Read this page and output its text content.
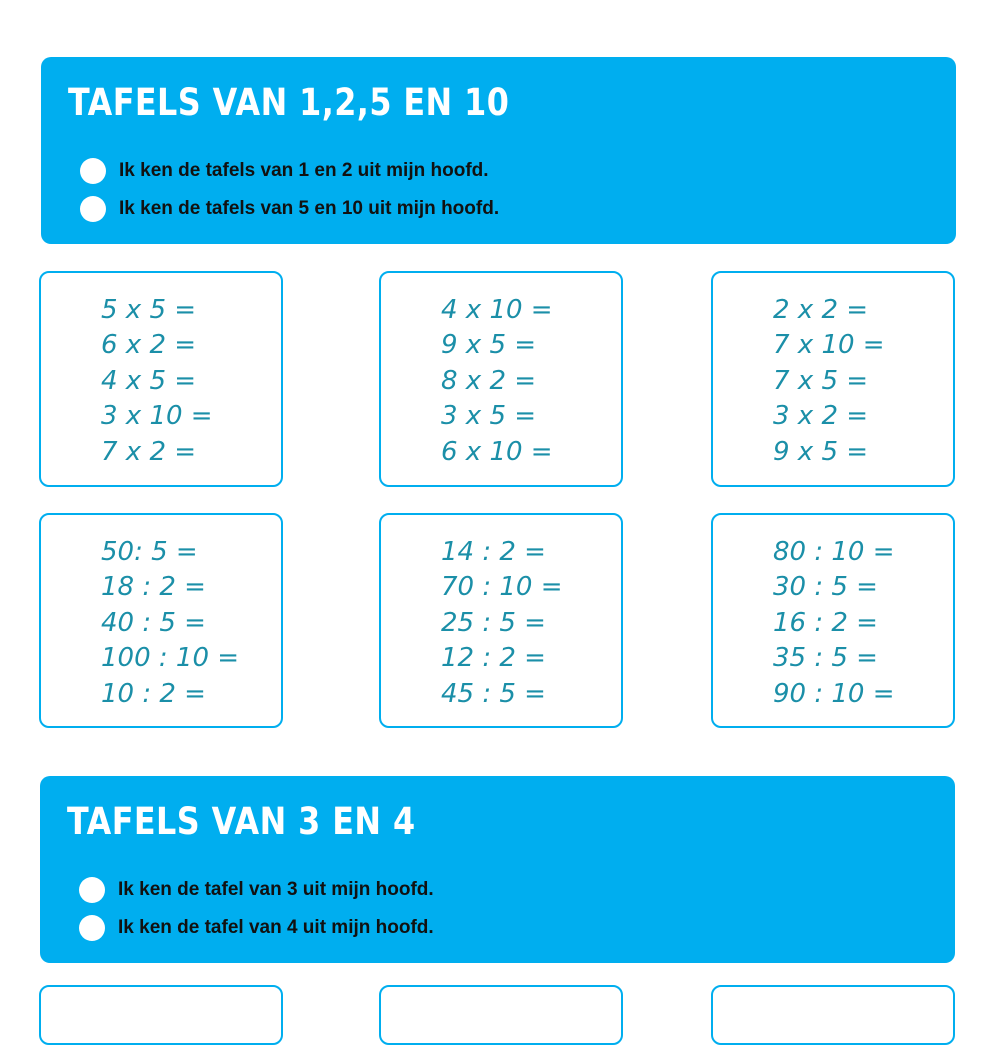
TAFELS VAN 1,2,5 EN 10
Ik ken de tafels van 1 en 2 uit mijn hoofd.
Ik ken de tafels van 5 en 10 uit mijn hoofd.
5 x 5 =
6 x 2 =
4 x 5 =
3 x 10 =
7 x 2 =
4 x 10 =
9 x 5 =
8 x 2 =
3 x 5 =
6 x 10 =
2 x 2 =
7 x 10 =
7 x 5 =
3 x 2 =
9 x 5 =
50: 5 =
18 : 2 =
40 : 5 =
100 : 10 =
10 : 2 =
14 : 2 =
70 : 10 =
25 : 5 =
12 : 2 =
45 : 5 =
80 : 10 =
30 : 5 =
16 : 2 =
35 : 5 =
90 : 10 =
TAFELS VAN 3 EN 4
Ik ken de tafel van 3 uit mijn hoofd.
Ik ken de tafel van 4 uit mijn hoofd.
